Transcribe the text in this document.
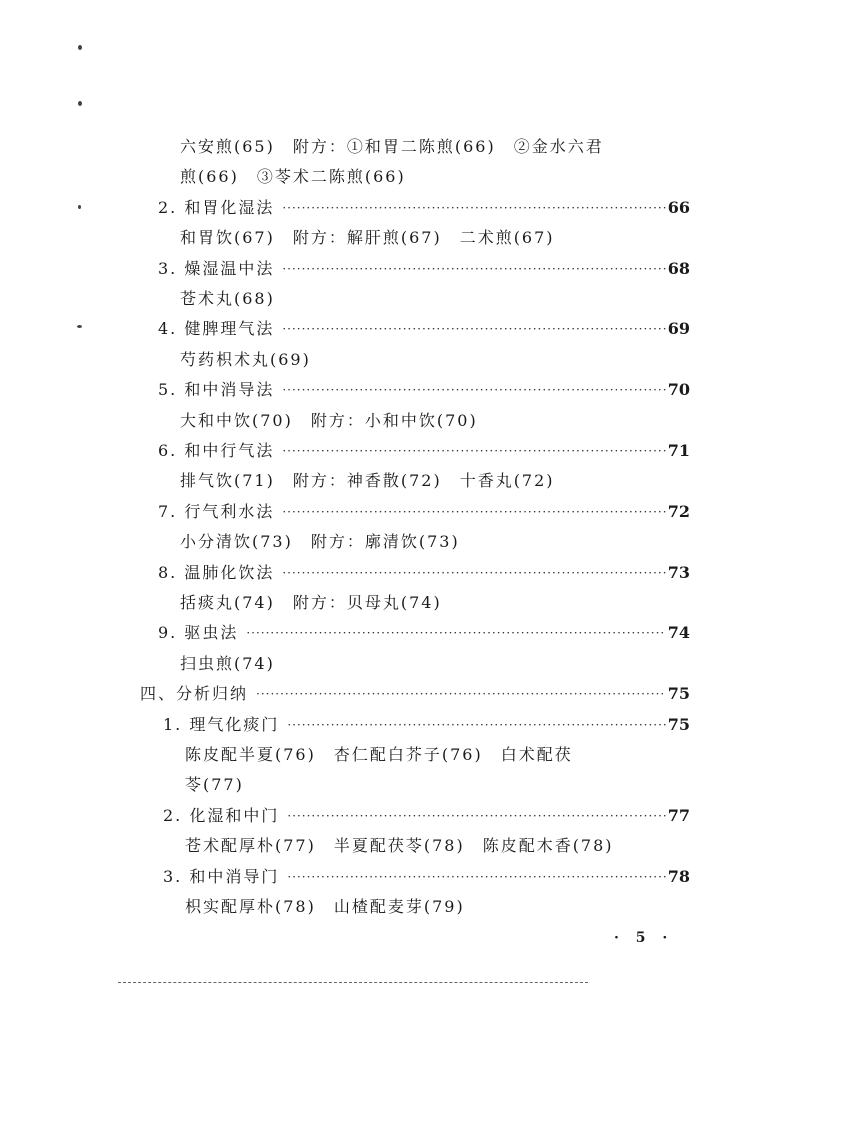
六安煎(65)　附方：①和胃二陈煎(66)　②金水六君
煎(66)　③苓术二陈煎(66)
2. 和胃化湿法 ·····	66
和胃饮(67)　附方：解肝煎(67)　二术煎(67)
3. 燥湿温中法 ·····	68
苍术丸(68)
4. 健脾理气法 ·····	69
芍药枳术丸(69)
5. 和中消导法 ·····	70
大和中饮(70)　附方：小和中饮(70)
6. 和中行气法 ·····	71
排气饮(71)　附方：神香散(72)　十香丸(72)
7. 行气利水法 ·····	72
小分清饮(73)　附方：廓清饮(73)
8. 温肺化饮法 ·····	73
括痰丸(74)　附方：贝母丸(74)
9. 驱虫法 ·····	74
扫虫煎(74)
四、分析归纳 ·····	75
1. 理气化痰门 ·····	75
陈皮配半夏(76)　杏仁配白芥子(76)　白术配茯
苓(77)
2. 化湿和中门 ·····	77
苍术配厚朴(77)　半夏配茯苓(78)　陈皮配木香(78)
3. 和中消导门 ·····	78
枳实配厚朴(78)　山楂配麦芽(79)
· 5 ·
